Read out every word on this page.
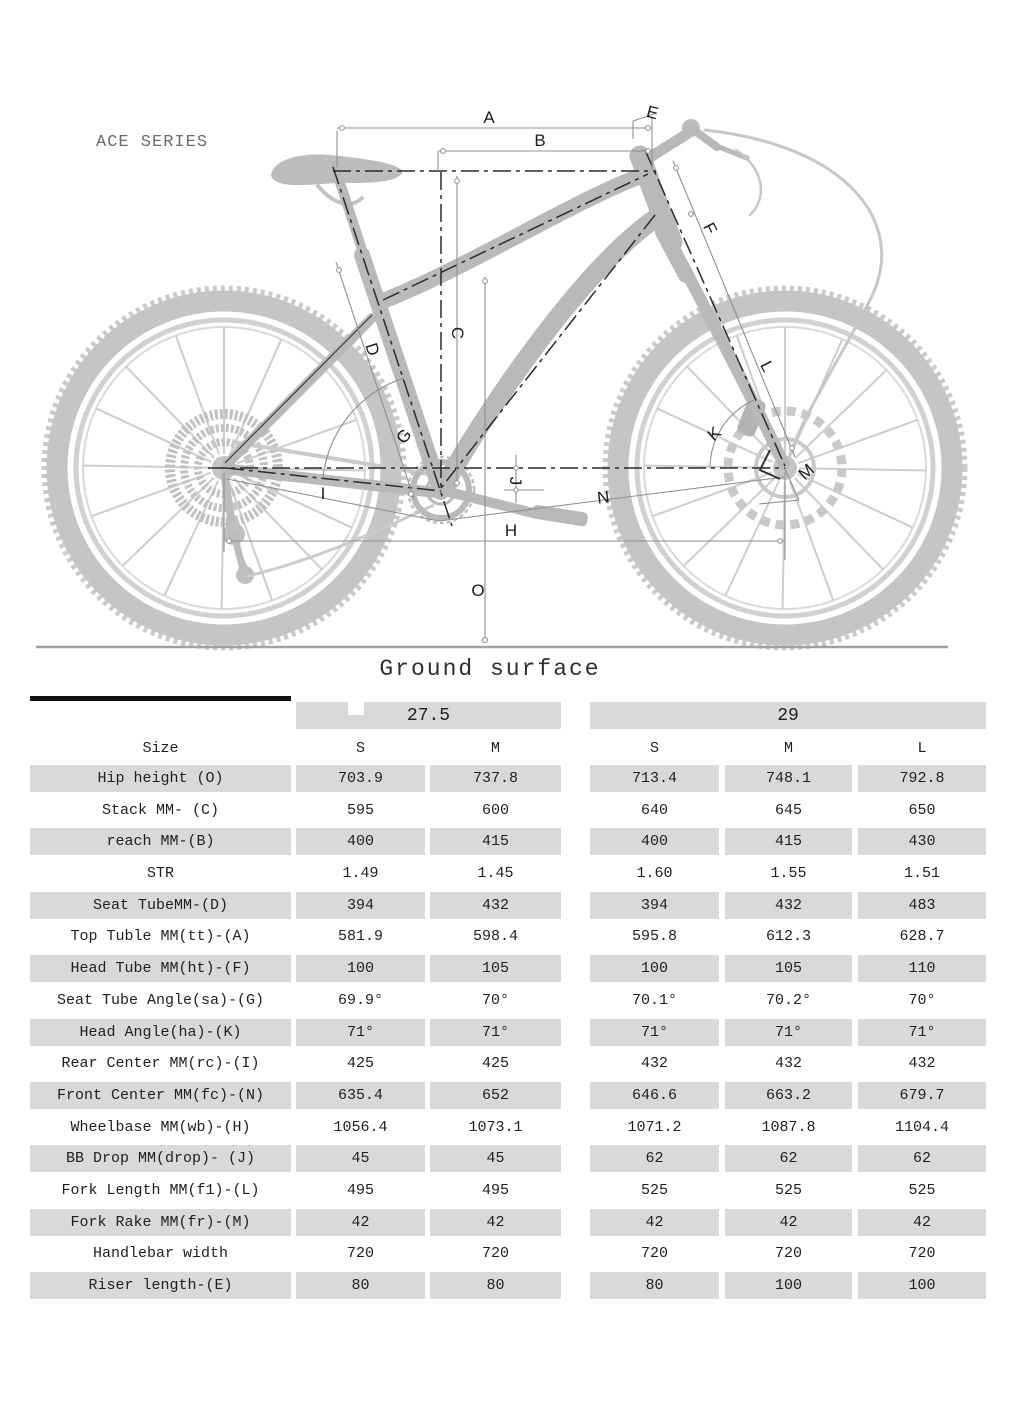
ACE SERIES
A
B
C
D
E
F
G
H
I
J
K
L
M
N
O
Ground surface
27.5	29
Size	S	M	S	M	L
Hip height (O)	703.9	737.8	713.4	748.1	792.8
Stack MM- (C)	595	600	640	645	650
reach MM-(B)	400	415	400	415	430
STR	1.49	1.45	1.60	1.55	1.51
Seat TubeMM-(D)	394	432	394	432	483
Top Tuble MM(tt)-(A)	581.9	598.4	595.8	612.3	628.7
Head Tube MM(ht)-(F)	100	105	100	105	110
Seat Tube Angle(sa)-(G)	69.9°	70°	70.1°	70.2°	70°
Head Angle(ha)-(K)	71°	71°	71°	71°	71°
Rear Center MM(rc)-(I)	425	425	432	432	432
Front Center MM(fc)-(N)	635.4	652	646.6	663.2	679.7
Wheelbase MM(wb)-(H)	1056.4	1073.1	1071.2	1087.8	1104.4
BB Drop MM(drop)- (J)	45	45	62	62	62
Fork Length MM(f1)-(L)	495	495	525	525	525
Fork Rake MM(fr)-(M)	42	42	42	42	42
Handlebar width	720	720	720	720	720
Riser length-(E)	80	80	80	100	100
